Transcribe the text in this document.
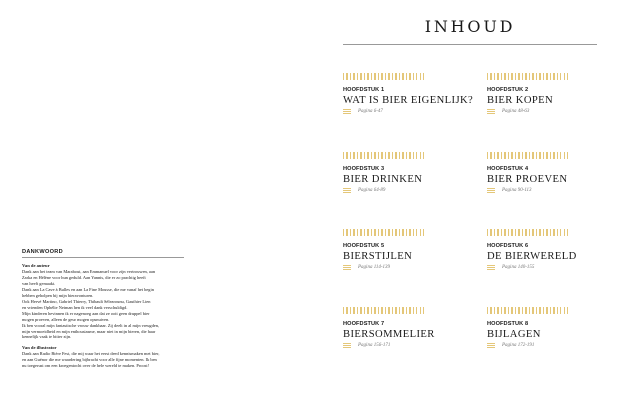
DANKWOORD
Van de auteur

Dank aan het team van Marabout, aan Emmanuel voor zijn vertrouwen, aan

Zarka en Hélène voor hun geduld. Aan Yannis, die er zo prachtig heeft

van heeft gemaakt.

Dank aan La Cave à Bulles en aan La Fine Mousse, die me vanaf het begin

hebben geholpen bij mijn bieravonturen.

Ook Hervé Martino, Gabriel Thierry, Thibault Sélearounu, Gauthier Lien

en vrienden Ophélie Neiman hen ik veel dank verschuldigd.

Mijn kinderen hevinnen ik er nagenoeg aan dat ze ooit geen druppel bier

mogen proeven, alleen de geur mogen opsnuiven.

Ik ben vooral mijn fantastische vrouw dankbaar. Zij deelt in al mijn vreugden,

mijn vermoeidheid en mijn enthousiasme, maar niet in mijn bieren, die haar

kennelijk vaak te bitter zijn.

Van de illustrator

Dank aan Radio Bière Fest, die mij waar het eerst deed kennismaken met bier,

en aan Guénor die me waardering bijbracht voor alle fijne momenten. Ik ben

nu toegerust om een kroegentocht over de hele wereld te maken. Proost!

INHOUD
HOOFDSTUK 1
WAT IS BIER EIGENLIJK?
Pagina 6-47
HOOFDSTUK 2
BIER KOPEN
Pagina 48-63
HOOFDSTUK 3
BIER DRINKEN
Pagina 64-89
HOOFDSTUK 4
BIER PROEVEN
Pagina 90-113
HOOFDSTUK 5
BIERSTIJLEN
Pagina 114-139
HOOFDSTUK 6
DE BIERWERELD
Pagina 140-155
HOOFDSTUK 7
BIERSOMMELIER
Pagina 156-171
HOOFDSTUK 8
BIJLAGEN
Pagina 172-191
